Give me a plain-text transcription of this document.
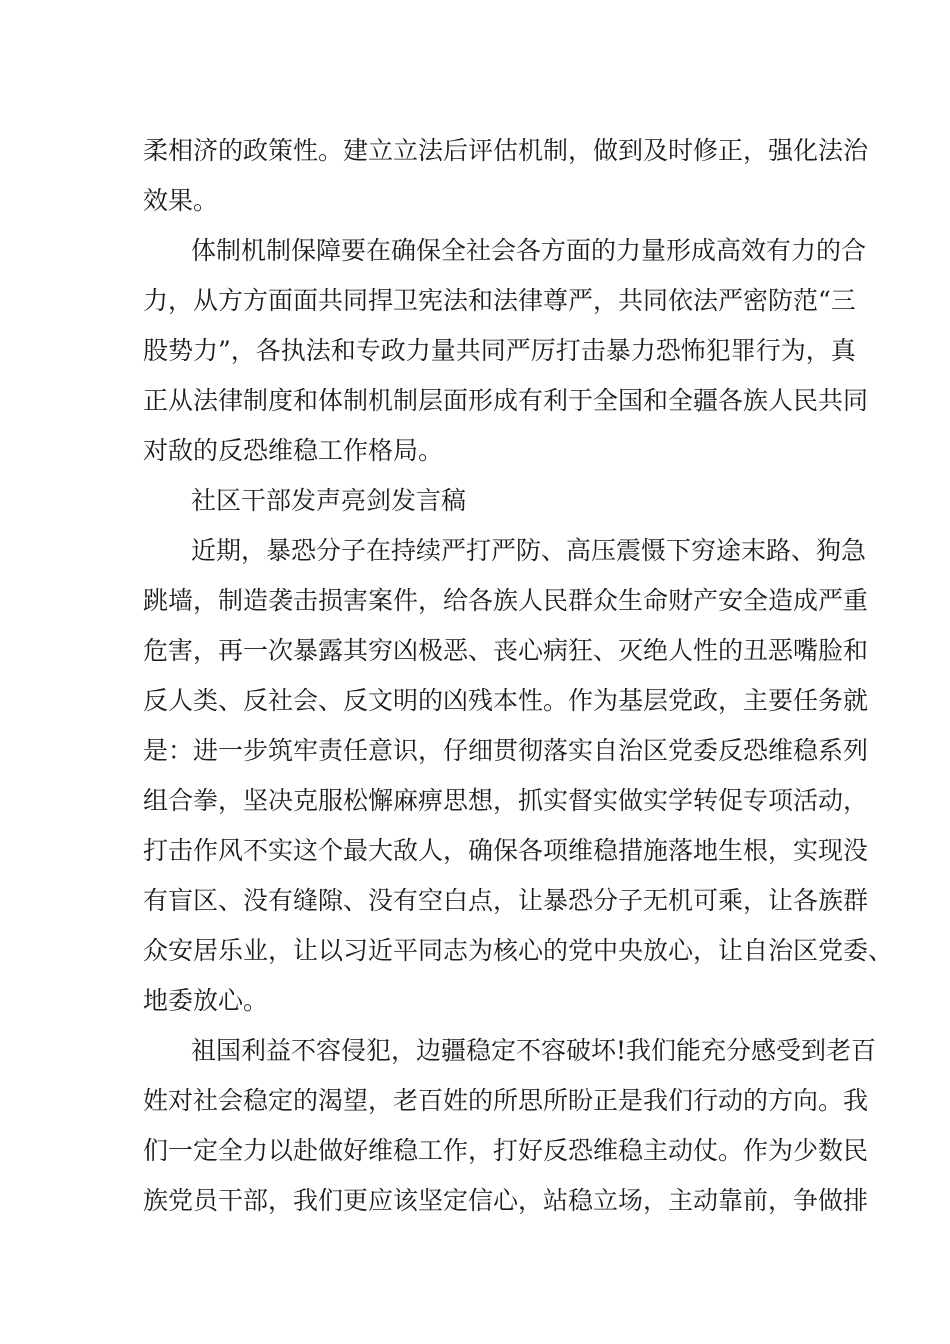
柔相济的政策性。建立立法后评估机制，做到及时修正，强化法治
效果。
体制机制保障要在确保全社会各方面的力量形成高效有力的合
力，从方方面面共同捍卫宪法和法律尊严，共同依法严密防范“三
股势力”，各执法和专政力量共同严厉打击暴力恐怖犯罪行为，真
正从法律制度和体制机制层面形成有利于全国和全疆各族人民共同
对敌的反恐维稳工作格局。
社区干部发声亮剑发言稿
近期，暴恐分子在持续严打严防、高压震慑下穷途末路、狗急
跳墙，制造袭击损害案件，给各族人民群众生命财产安全造成严重
危害，再一次暴露其穷凶极恶、丧心病狂、灭绝人性的丑恶嘴脸和
反人类、反社会、反文明的凶残本性。作为基层党政，主要任务就
是：进一步筑牢责任意识，仔细贯彻落实自治区党委反恐维稳系列
组合拳，坚决克服松懈麻痹思想，抓实督实做实学转促专项活动，
打击作风不实这个最大敌人，确保各项维稳措施落地生根，实现没
有盲区、没有缝隙、没有空白点，让暴恐分子无机可乘，让各族群
众安居乐业，让以习近平同志为核心的党中央放心，让自治区党委、
地委放心。
祖国利益不容侵犯，边疆稳定不容破坏!我们能充分感受到老百
姓对社会稳定的渴望，老百姓的所思所盼正是我们行动的方向。我
们一定全力以赴做好维稳工作，打好反恐维稳主动仗。作为少数民
族党员干部，我们更应该坚定信心，站稳立场，主动靠前，争做排
